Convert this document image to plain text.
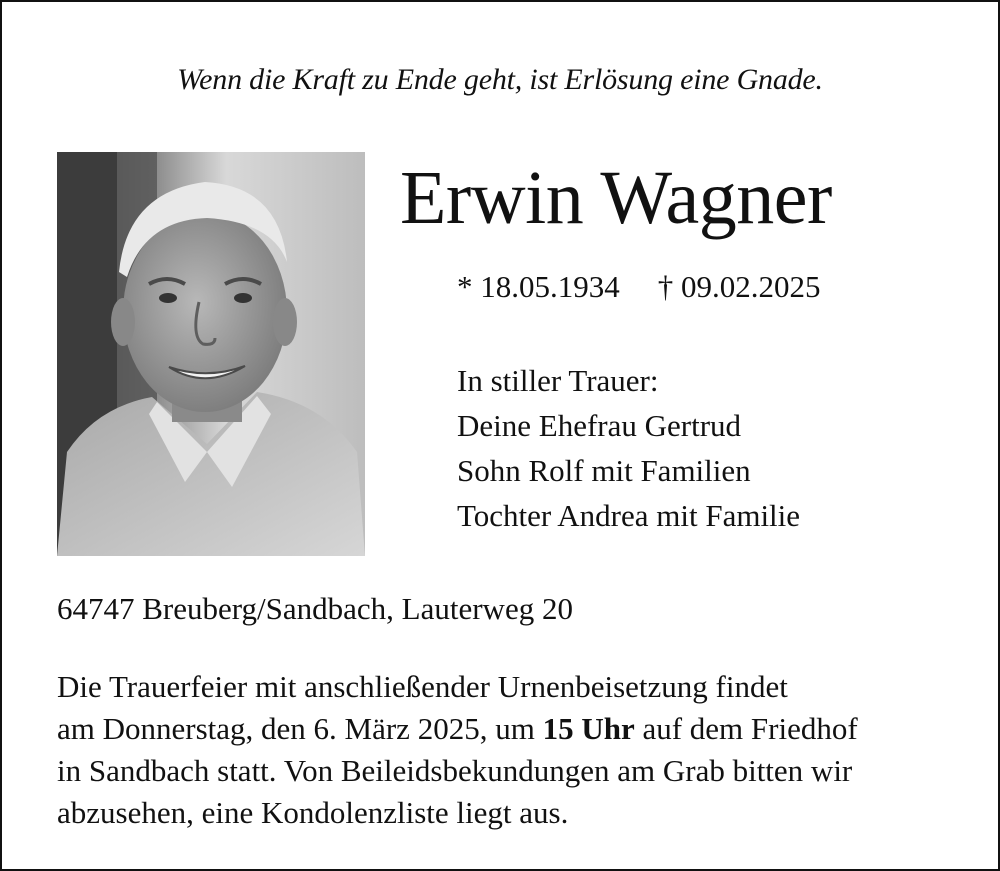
Wenn die Kraft zu Ende geht, ist Erlösung eine Gnade.
Erwin Wagner
* 18.05.1934 † 09.02.2025
In stiller Trauer:
Deine Ehefrau Gertrud
Sohn Rolf mit Familien
Tochter Andrea mit Familie
64747 Breuberg/Sandbach, Lauterweg 20
Die Trauerfeier mit anschließender Urnenbeisetzung findet
am Donnerstag, den 6. März 2025, um 15 Uhr auf dem Friedhof
in Sandbach statt. Von Beileidsbekundungen am Grab bitten wir
abzusehen, eine Kondolenzliste liegt aus.
